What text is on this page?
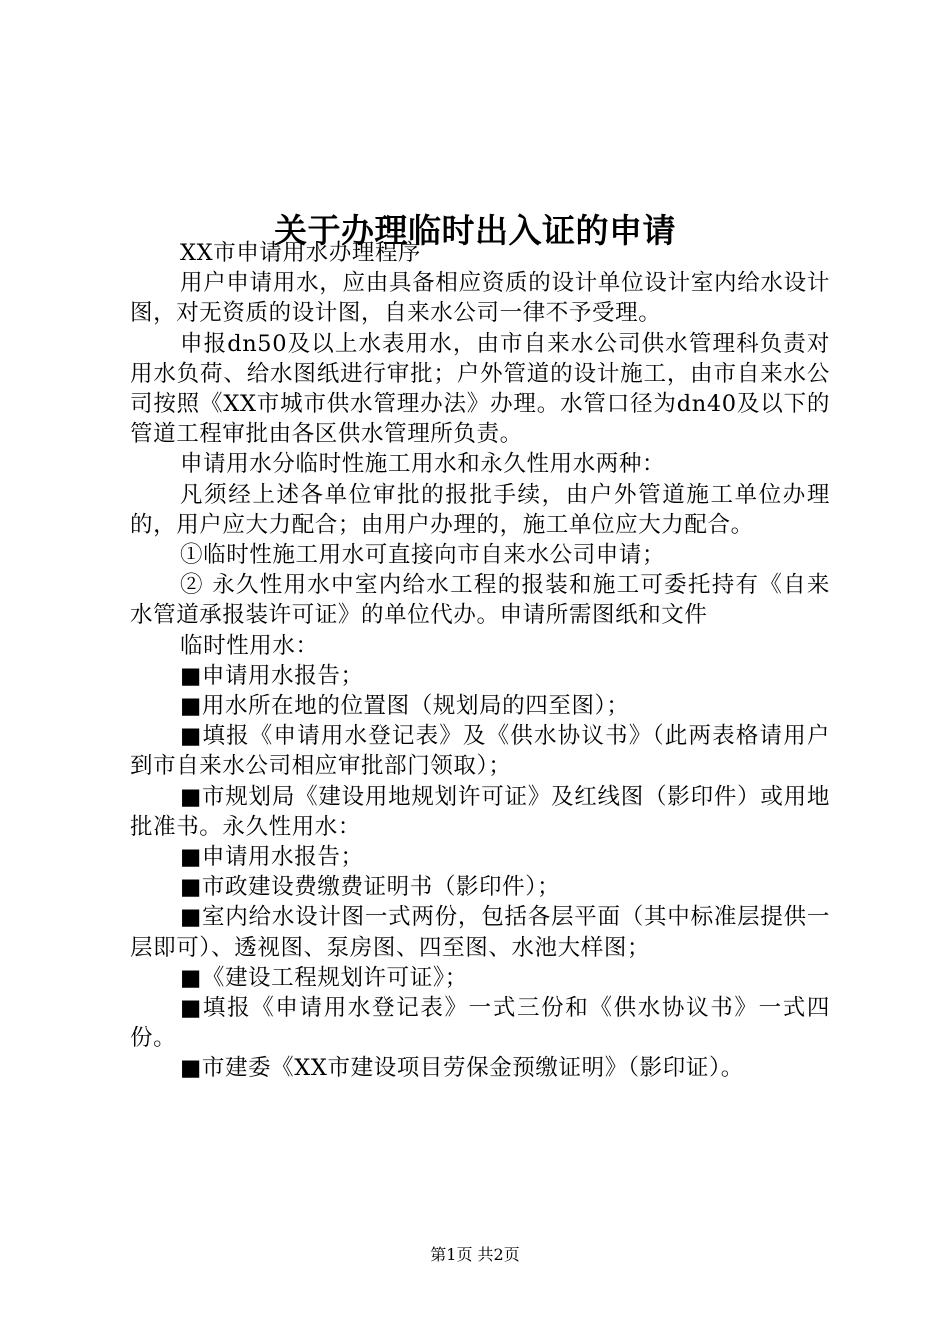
关于办理临时出入证的申请

XX市申请用水办理程序

用户申请用水，应由具备相应资质的设计单位设计室内给水设计图，对无资质的设计图，自来水公司一律不予受理。

申报dn50及以上水表用水，由市自来水公司供水管理科负责对用水负荷、给水图纸进行审批；户外管道的设计施工，由市自来水公司按照《XX市城市供水管理办法》办理。水管口径为dn40及以下的管道工程审批由各区供水管理所负责。

申请用水分临时性施工用水和永久性用水两种：

凡须经上述各单位审批的报批手续，由户外管道施工单位办理的，用户应大力配合；由用户办理的，施工单位应大力配合。

①临时性施工用水可直接向市自来水公司申请；

② 永久性用水中室内给水工程的报装和施工可委托持有《自来水管道承报装许可证》的单位代办。申请所需图纸和文件

临时性用水：

■申请用水报告；

■用水所在地的位置图（规划局的四至图）；

■填报《申请用水登记表》及《供水协议书》（此两表格请用户到市自来水公司相应审批部门领取）；

■市规划局《建设用地规划许可证》及红线图（影印件）或用地批准书。永久性用水：

■申请用水报告；

■市政建设费缴费证明书（影印件）；

■室内给水设计图一式两份，包括各层平面（其中标准层提供一层即可）、透视图、泵房图、四至图、水池大样图；

■《建设工程规划许可证》；

■填报《申请用水登记表》一式三份和《供水协议书》一式四份。

■市建委《XX市建设项目劳保金预缴证明》（影印证）。

第1页 共2页
